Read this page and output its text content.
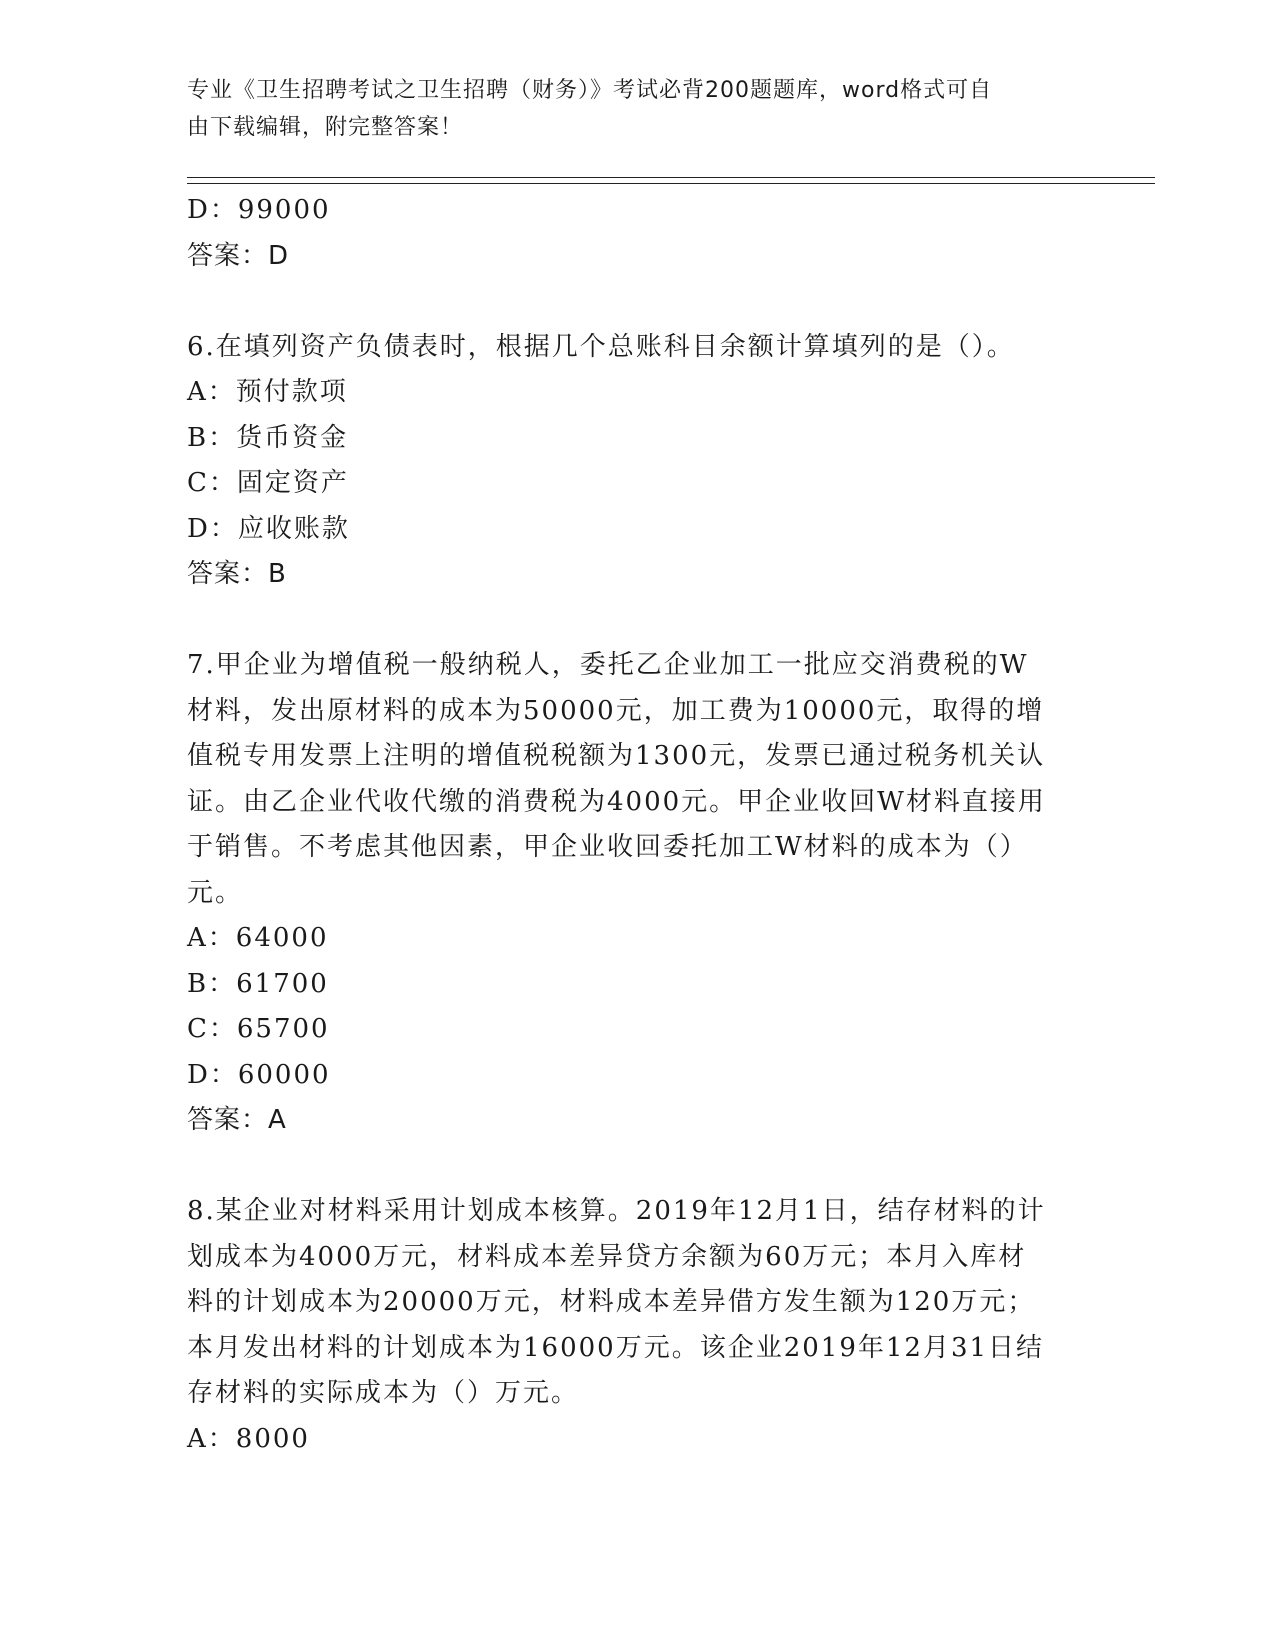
专业《卫生招聘考试之卫生招聘（财务）》考试必背200题题库，word格式可自
由下载编辑，附完整答案！
D：99000
答案：D
6.在填列资产负债表时，根据几个总账科目余额计算填列的是（）。
A：预付款项
B：货币资金
C：固定资产
D：应收账款
答案：B
7.甲企业为增值税一般纳税人，委托乙企业加工一批应交消费税的W
材料，发出原材料的成本为50000元，加工费为10000元，取得的增
值税专用发票上注明的增值税税额为1300元，发票已通过税务机关认
证。由乙企业代收代缴的消费税为4000元。甲企业收回W材料直接用
于销售。不考虑其他因素，甲企业收回委托加工W材料的成本为（）
元。
A：64000
B：61700
C：65700
D：60000
答案：A
8.某企业对材料采用计划成本核算。2019年12月1日，结存材料的计
划成本为4000万元，材料成本差异贷方余额为60万元；本月入库材
料的计划成本为20000万元，材料成本差异借方发生额为120万元；
本月发出材料的计划成本为16000万元。该企业2019年12月31日结
存材料的实际成本为（）万元。
A：8000
